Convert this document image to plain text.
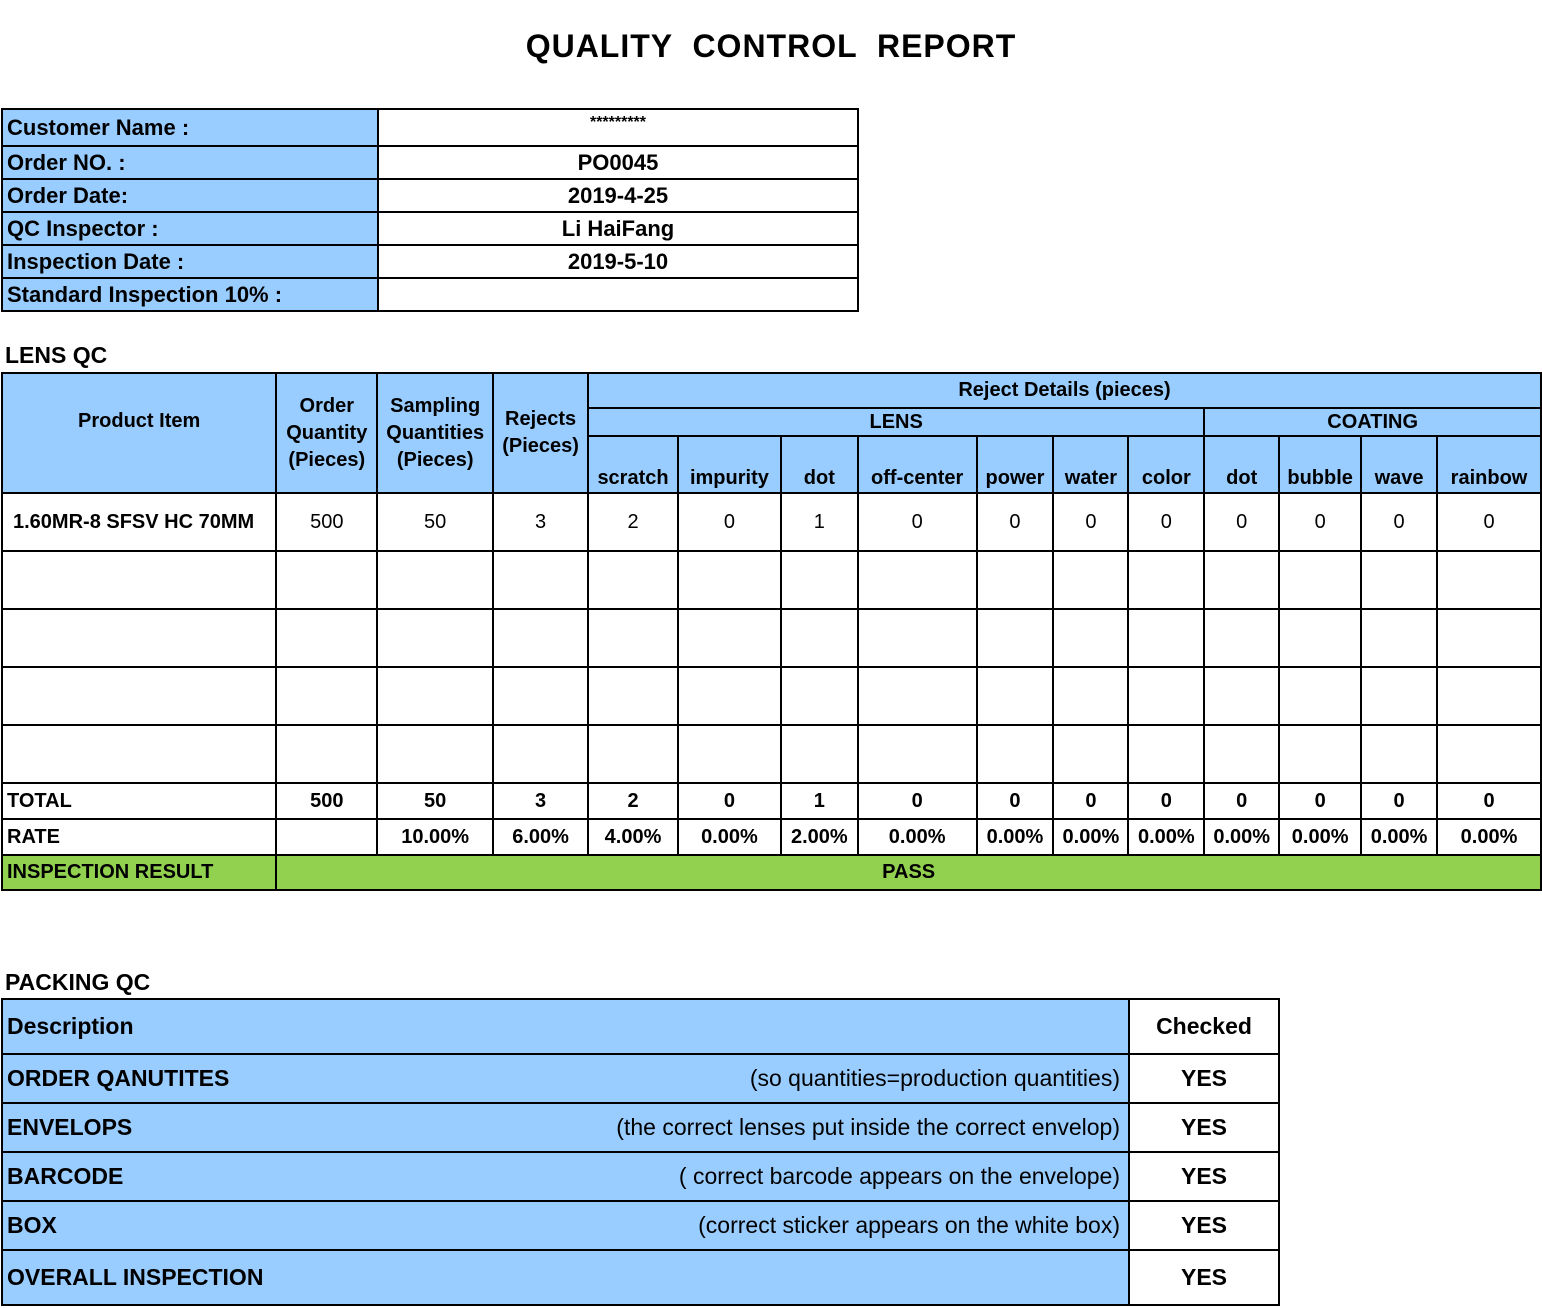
QUALITY CONTROL REPORT
Customer Name :	*********
Order NO. :	PO0045
Order Date:	2019-4-25
QC Inspector :	Li HaiFang
Inspection Date :	2019-5-10
Standard Inspection 10% :	
LENS QC
Product Item	Order Quantity (Pieces)	Sampling Quantities (Pieces)	Rejects (Pieces)	Reject Details (pieces)										
				LENS							COATING			
				scratch	impurity	dot	off-center	power	water	color	dot	bubble	wave	rainbow
1.60MR-8 SFSV HC 70MM	500	50	3	2	0	1	0	0	0	0	0	0	0	0

TOTAL	500	50	3	2	0	1	0	0	0	0	0	0	0	0
RATE		10.00%	6.00%	4.00%	0.00%	2.00%	0.00%	0.00%	0.00%	0.00%	0.00%	0.00%	0.00%	0.00%
INSPECTION RESULT	PASS													
PACKING QC
Description	Checked

ORDER QANUTITES (so quantities=production quantities)	YES

ENVELOPS (the correct lenses put inside the correct envelop)	YES

BARCODE ( correct barcode appears on the envelope)	YES

BOX (correct sticker appears on the white box)	YES

OVERALL INSPECTION	YES
